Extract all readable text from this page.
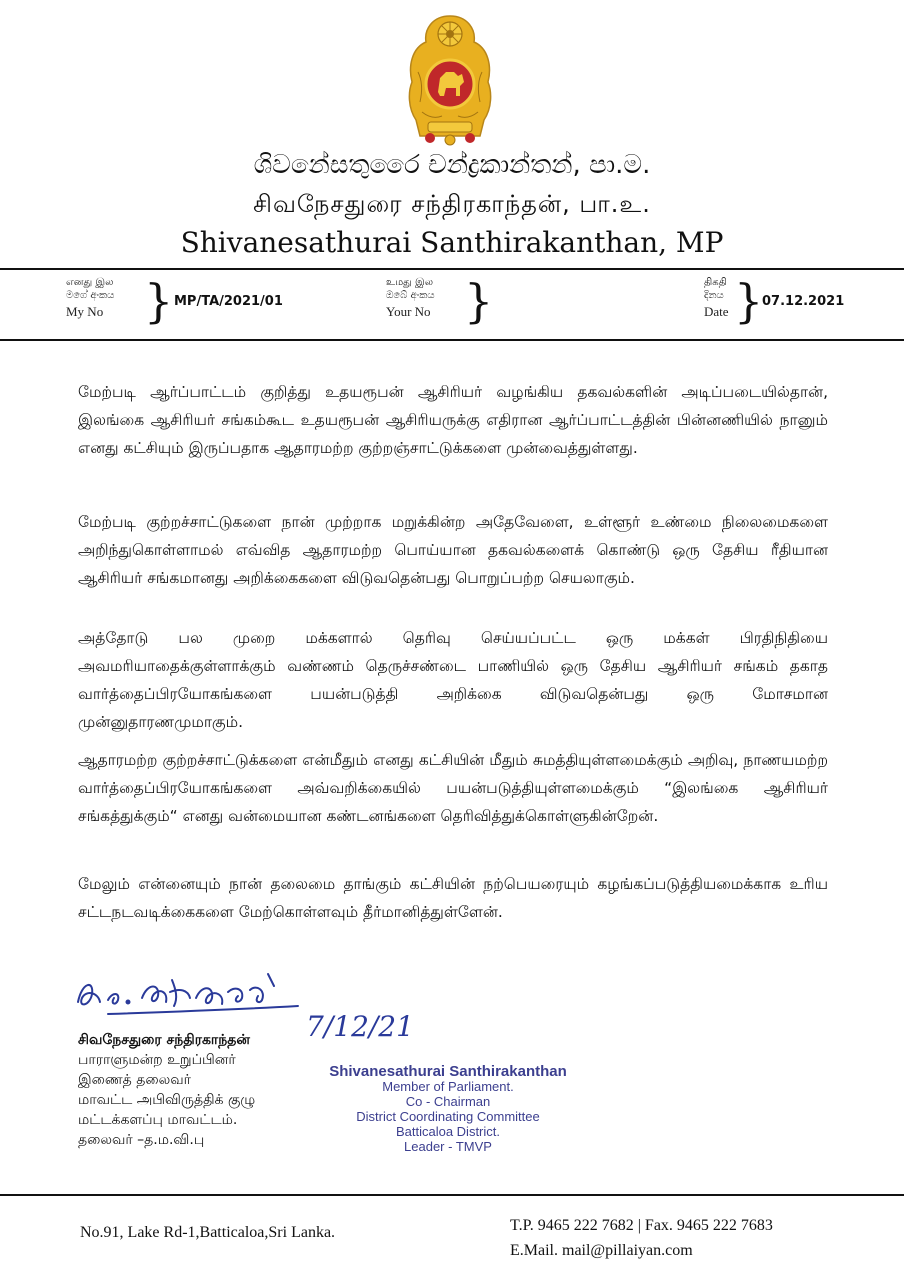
ශිවනේසතුරෛ චන්ද්‍රකාන්තන්, පා.ම.
சிவநேசதுரை சந்திரகாந்தன், பா.உ.
Shivanesathurai Santhirakanthan, MP
எனது இல
මගේ අංකය
My No } MP/TA/2021/01
உமது இல
ඔබේ අංකය
Your No }	திகதி
දිනය
Date }
07.12.2021
மேற்படி ஆர்ப்பாட்டம் குறித்து உதயரூபன் ஆசிரியர் வழங்கிய தகவல்களின் அடிப்படையில்தான், இலங்கை ஆசிரியர் சங்கம்கூட உதயரூபன் ஆசிரியருக்கு எதிரான ஆர்ப்பாட்டத்தின் பின்னணியில் நானும் எனது கட்சியும் இருப்பதாக ஆதாரமற்ற குற்றஞ்சாட்டுக்களை முன்வைத்துள்ளது.
மேற்படி குற்றச்சாட்டுகளை நான் முற்றாக மறுக்கின்ற அதேவேளை, உள்ளூர் உண்மை நிலைமைகளை அறிந்துகொள்ளாமல் எவ்வித ஆதாரமற்ற பொய்யான தகவல்களைக் கொண்டு ஒரு தேசிய ரீதியான ஆசிரியர் சங்கமானது அறிக்கைகளை விடுவதென்பது பொறுப்பற்ற செயலாகும்.
அத்தோடு பல முறை மக்களால் தெரிவு செய்யப்பட்ட ஒரு மக்கள் பிரதிநிதியை அவமரியாதைக்குள்ளாக்கும் வண்ணம் தெருச்சண்டை பாணியில் ஒரு தேசிய ஆசிரியர் சங்கம் தகாத வார்த்தைப்பிரயோகங்களை பயன்படுத்தி அறிக்கை விடுவதென்பது ஒரு மோசமான முன்னுதாரணமுமாகும்.
ஆதாரமற்ற குற்றச்சாட்டுக்களை என்மீதும் எனது கட்சியின் மீதும் சுமத்தியுள்ளமைக்கும் அறிவு, நாணயமற்ற வார்த்தைப்பிரயோகங்களை அவ்வறிக்கையில் பயன்படுத்தியுள்ளமைக்கும் “இலங்கை ஆசிரியர் சங்கத்துக்கும்“ எனது வன்மையான கண்டனங்களை தெரிவித்துக்கொள்ளுகின்றேன்.
மேலும் என்னையும் நான் தலைமை தாங்கும் கட்சியின் நற்பெயரையும் கழங்கப்படுத்தியமைக்காக உரிய சட்டநடவடிக்கைகளை மேற்கொள்ளவும் தீர்மானித்துள்ளேன்.
7/12/21
சிவநேசதுரை சந்திரகாந்தன்
பாராளுமன்ற உறுப்பினர்
இணைத் தலைவர்
மாவட்ட அபிவிருத்திக் குழு
மட்டக்களப்பு மாவட்டம்.
தலைவர் –த.ம.வி.பு
Shivanesathurai Santhirakanthan
Member of Parliament.
Co - Chairman
District Coordinating Committee
Batticaloa District.
Leader - TMVP
No.91, Lake Rd-1,Batticaloa,Sri Lanka.	T.P. 9465 222 7682 | Fax. 9465 222 7683
E.Mail. mail@pillaiyan.com
